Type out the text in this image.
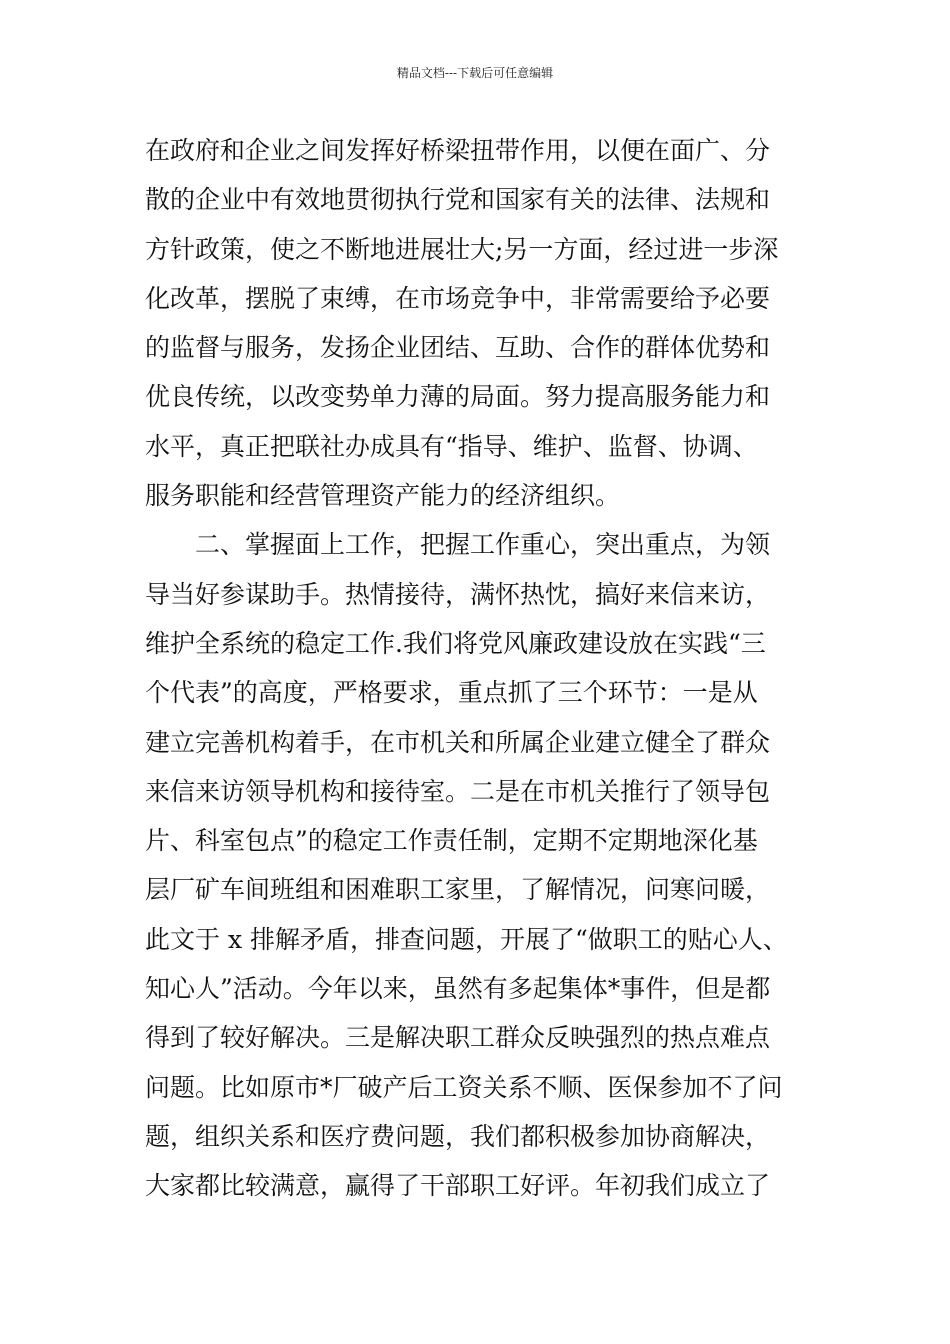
精品文档---下载后可任意编辑
在政府和企业之间发挥好桥梁扭带作用，以便在面广、分
散的企业中有效地贯彻执行党和国家有关的法律、法规和
方针政策，使之不断地进展壮大;另一方面，经过进一步深
化改革，摆脱了束缚，在市场竞争中，非常需要给予必要
的监督与服务，发扬企业团结、互助、合作的群体优势和
优良传统，以改变势单力薄的局面。努力提高服务能力和
水平，真正把联社办成具有“指导、维护、监督、协调、
服务职能和经营管理资产能力的经济组织。
二、掌握面上工作，把握工作重心，突出重点，为领
导当好参谋助手。热情接待，满怀热忱，搞好来信来访，
维护全系统的稳定工作.我们将党风廉政建设放在实践“三
个代表”的高度，严格要求，重点抓了三个环节：一是从
建立完善机构着手，在市机关和所属企业建立健全了群众
来信来访领导机构和接待室。二是在市机关推行了领导包
片、科室包点”的稳定工作责任制，定期不定期地深化基
层厂矿车间班组和困难职工家里，了解情况，问寒问暖，
此文于 x 排解矛盾，排查问题，开展了“做职工的贴心人、
知心人”活动。今年以来，虽然有多起集体*事件，但是都
得到了较好解决。三是解决职工群众反映强烈的热点难点
问题。比如原市*厂破产后工资关系不顺、医保参加不了问
题，组织关系和医疗费问题，我们都积极参加协商解决，
大家都比较满意，赢得了干部职工好评。年初我们成立了
